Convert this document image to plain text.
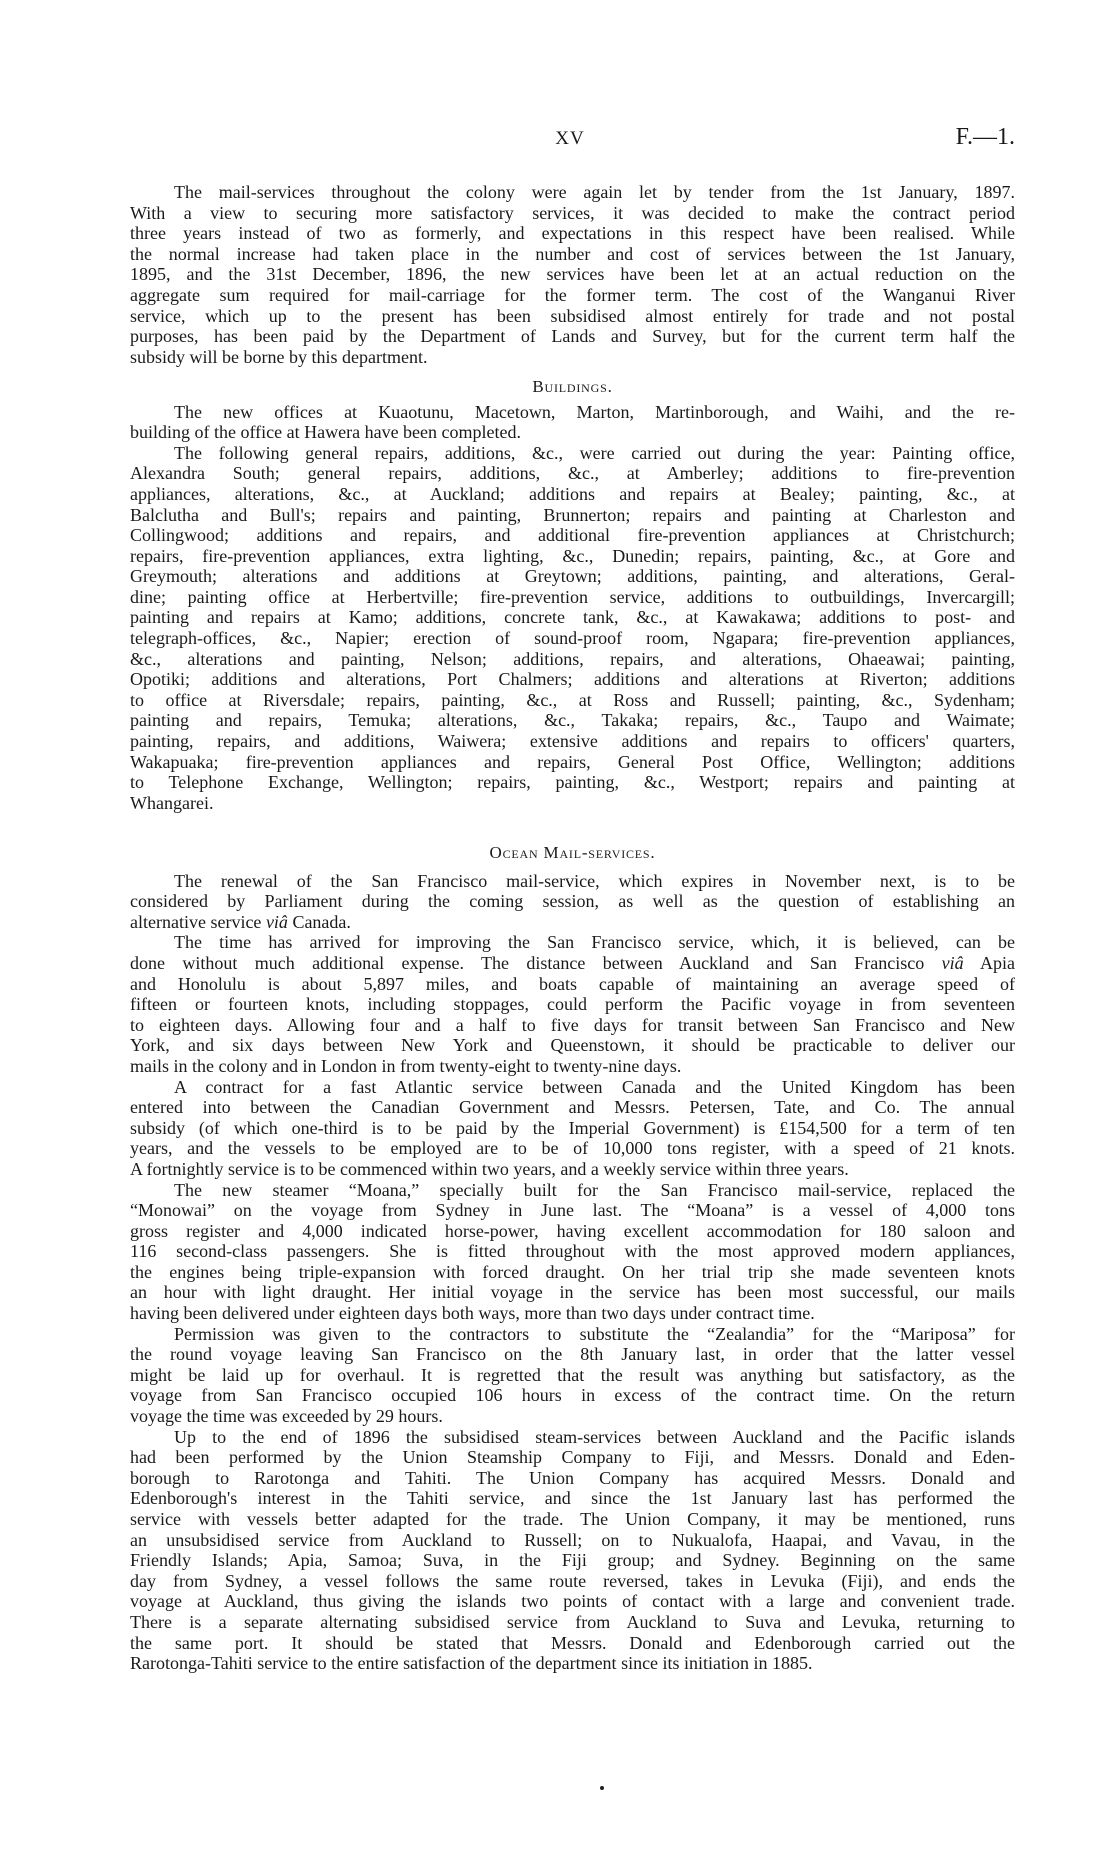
XV	F.—1.
The mail-services throughout the colony were again let by tender from the 1st January, 1897.
With a view to securing more satisfactory services, it was decided to make the contract period
three years instead of two as formerly, and expectations in this respect have been realised. While
the normal increase had taken place in the number and cost of services between the 1st January,
1895, and the 31st December, 1896, the new services have been let at an actual reduction on the
aggregate sum required for mail-carriage for the former term. The cost of the Wanganui River
service, which up to the present has been subsidised almost entirely for trade and not postal
purposes, has been paid by the Department of Lands and Survey, but for the current term half the
subsidy will be borne by this department.
Buildings.
The new offices at Kuaotunu, Macetown, Marton, Martinborough, and Waihi, and the re-
building of the office at Hawera have been completed.
The following general repairs, additions, &c., were carried out during the year: Painting office,
Alexandra South; general repairs, additions, &c., at Amberley; additions to fire-prevention
appliances, alterations, &c., at Auckland; additions and repairs at Bealey; painting, &c., at
Balclutha and Bull's; repairs and painting, Brunnerton; repairs and painting at Charleston and
Collingwood; additions and repairs, and additional fire-prevention appliances at Christchurch;
repairs, fire-prevention appliances, extra lighting, &c., Dunedin; repairs, painting, &c., at Gore and
Greymouth; alterations and additions at Greytown; additions, painting, and alterations, Geral-
dine; painting office at Herbertville; fire-prevention service, additions to outbuildings, Invercargill;
painting and repairs at Kamo; additions, concrete tank, &c., at Kawakawa; additions to post- and
telegraph-offices, &c., Napier; erection of sound-proof room, Ngapara; fire-prevention appliances,
&c., alterations and painting, Nelson; additions, repairs, and alterations, Ohaeawai; painting,
Opotiki; additions and alterations, Port Chalmers; additions and alterations at Riverton; additions
to office at Riversdale; repairs, painting, &c., at Ross and Russell; painting, &c., Sydenham;
painting and repairs, Temuka; alterations, &c., Takaka; repairs, &c., Taupo and Waimate;
painting, repairs, and additions, Waiwera; extensive additions and repairs to officers' quarters,
Wakapuaka; fire-prevention appliances and repairs, General Post Office, Wellington; additions
to Telephone Exchange, Wellington; repairs, painting, &c., Westport; repairs and painting at
Whangarei.
Ocean Mail-services.
The renewal of the San Francisco mail-service, which expires in November next, is to be
considered by Parliament during the coming session, as well as the question of establishing an
alternative service viâ Canada.
The time has arrived for improving the San Francisco service, which, it is believed, can be
done without much additional expense. The distance between Auckland and San Francisco viâ Apia
and Honolulu is about 5,897 miles, and boats capable of maintaining an average speed of
fifteen or fourteen knots, including stoppages, could perform the Pacific voyage in from seventeen
to eighteen days. Allowing four and a half to five days for transit between San Francisco and New
York, and six days between New York and Queenstown, it should be practicable to deliver our
mails in the colony and in London in from twenty-eight to twenty-nine days.
A contract for a fast Atlantic service between Canada and the United Kingdom has been
entered into between the Canadian Government and Messrs. Petersen, Tate, and Co. The annual
subsidy (of which one-third is to be paid by the Imperial Government) is £154,500 for a term of ten
years, and the vessels to be employed are to be of 10,000 tons register, with a speed of 21 knots.
A fortnightly service is to be commenced within two years, and a weekly service within three years.
The new steamer “Moana,” specially built for the San Francisco mail-service, replaced the
“Monowai” on the voyage from Sydney in June last. The “Moana” is a vessel of 4,000 tons
gross register and 4,000 indicated horse-power, having excellent accommodation for 180 saloon and
116 second-class passengers. She is fitted throughout with the most approved modern appliances,
the engines being triple-expansion with forced draught. On her trial trip she made seventeen knots
an hour with light draught. Her initial voyage in the service has been most successful, our mails
having been delivered under eighteen days both ways, more than two days under contract time.
Permission was given to the contractors to substitute the “Zealandia” for the “Mariposa” for
the round voyage leaving San Francisco on the 8th January last, in order that the latter vessel
might be laid up for overhaul. It is regretted that the result was anything but satisfactory, as the
voyage from San Francisco occupied 106 hours in excess of the contract time. On the return
voyage the time was exceeded by 29 hours.
Up to the end of 1896 the subsidised steam-services between Auckland and the Pacific islands
had been performed by the Union Steamship Company to Fiji, and Messrs. Donald and Eden-
borough to Rarotonga and Tahiti. The Union Company has acquired Messrs. Donald and
Edenborough's interest in the Tahiti service, and since the 1st January last has performed the
service with vessels better adapted for the trade. The Union Company, it may be mentioned, runs
an unsubsidised service from Auckland to Russell; on to Nukualofa, Haapai, and Vavau, in the
Friendly Islands; Apia, Samoa; Suva, in the Fiji group; and Sydney. Beginning on the same
day from Sydney, a vessel follows the same route reversed, takes in Levuka (Fiji), and ends the
voyage at Auckland, thus giving the islands two points of contact with a large and convenient trade.
There is a separate alternating subsidised service from Auckland to Suva and Levuka, returning to
the same port. It should be stated that Messrs. Donald and Edenborough carried out the
Rarotonga-Tahiti service to the entire satisfaction of the department since its initiation in 1885.
